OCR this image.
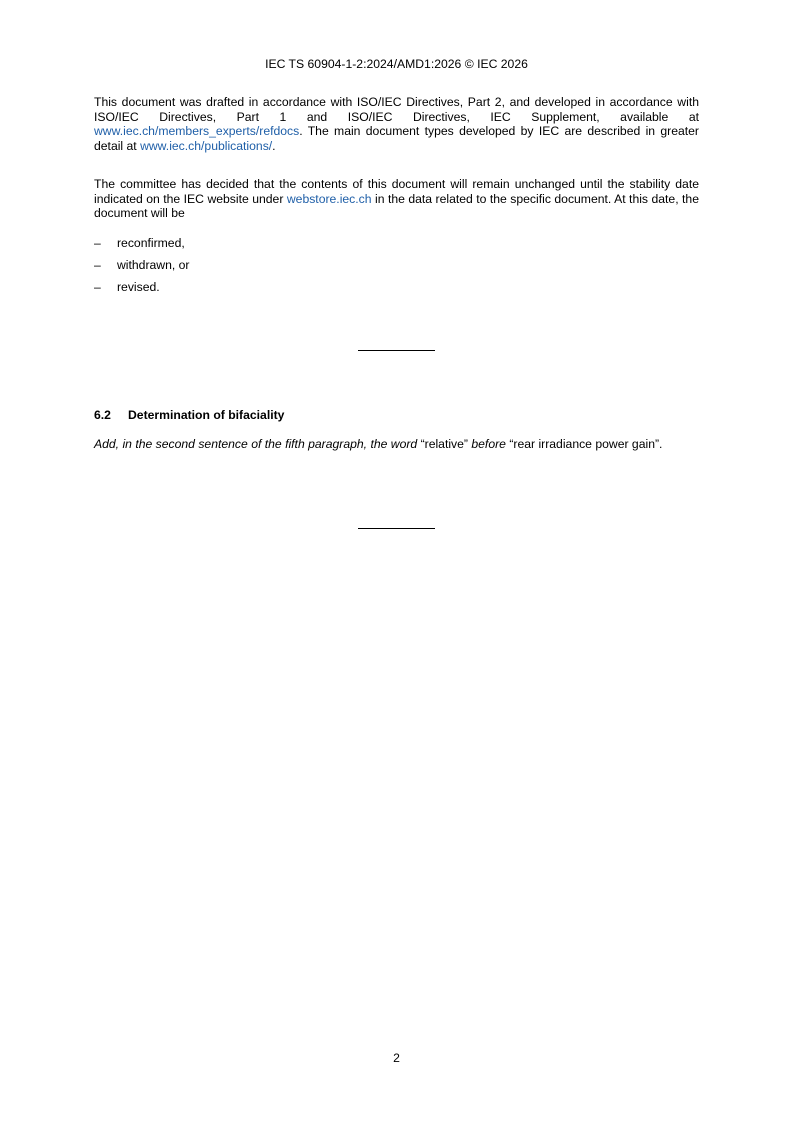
IEC TS 60904-1-2:2024/AMD1:2026 © IEC 2026

This document was drafted in accordance with ISO/IEC Directives, Part 2, and developed in accordance with ISO/IEC Directives, Part 1 and ISO/IEC Directives, IEC Supplement, available at www.iec.ch/members_experts/refdocs. The main document types developed by IEC are described in greater detail at www.iec.ch/publications/.

The committee has decided that the contents of this document will remain unchanged until the stability date indicated on the IEC website under webstore.iec.ch in the data related to the specific document. At this date, the document will be

– reconfirmed,
– withdrawn, or
– revised.
6.2 Determination of bifaciality

Add, in the second sentence of the fifth paragraph, the word “relative” before “rear irradiance power gain”.

2
